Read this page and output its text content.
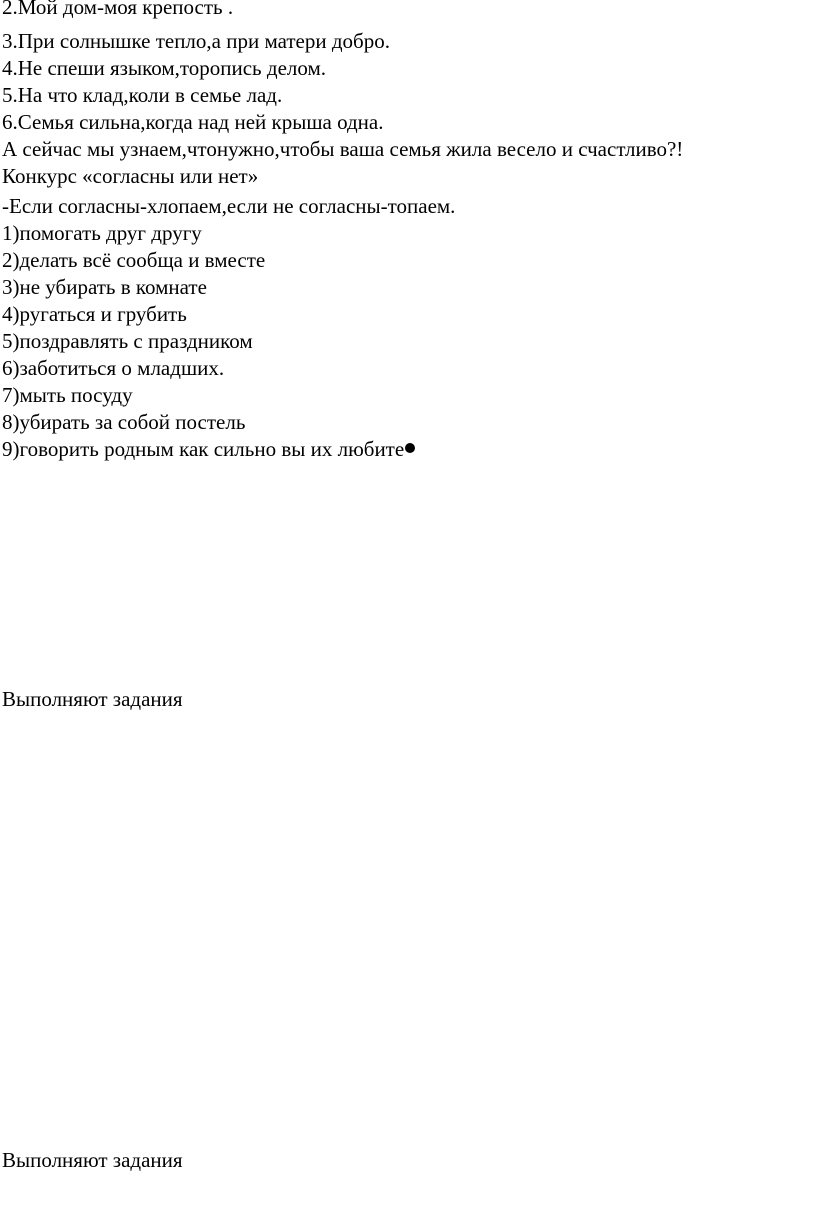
2.Мой дом-моя крепость .
3.При солнышке тепло,а при матери добро.
4.Не спеши языком,торопись делом.
5.На что клад,коли в семье лад.
6.Семья сильна,когда над ней крыша одна.
А сейчас мы узнаем,чтонужно,чтобы ваша семья жила весело и счастливо?!
Конкурс «согласны или нет»
-Если согласны-хлопаем,если не согласны-топаем.
1)помогать друг другу
2)делать всё сообща и вместе
3)не убирать в комнате
4)ругаться и грубить
5)поздравлять с праздником
6)заботиться о младших.
7)мыть посуду
8)убирать за собой постель
9)говорить родным как сильно вы их любите
Выполняют задания
Выполняют задания
